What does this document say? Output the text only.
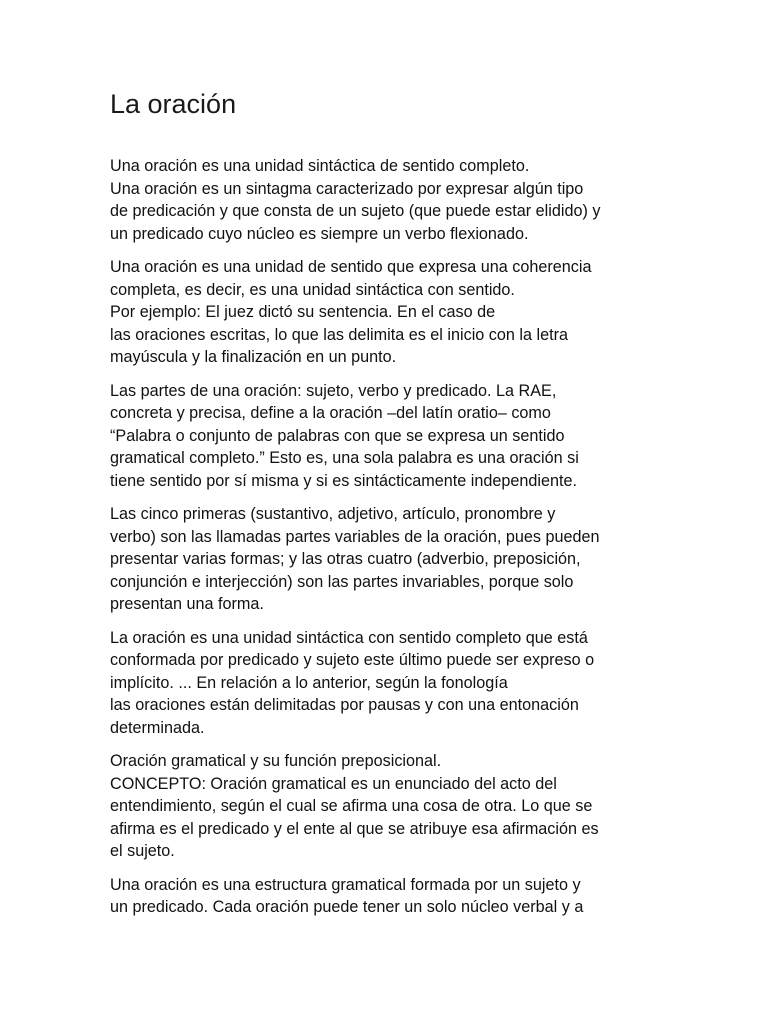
La oración

Una oración es una unidad sintáctica de sentido completo.
Una oración es un sintagma caracterizado por expresar algún tipo
de predicación y que consta de un sujeto (que puede estar elidido) y
un predicado cuyo núcleo es siempre un verbo flexionado.

Una oración es una unidad de sentido que expresa una coherencia
completa, es decir, es una unidad sintáctica con sentido.
Por ejemplo: El juez dictó su sentencia. En el caso de
las oraciones escritas, lo que las delimita es el inicio con la letra
mayúscula y la finalización en un punto.

Las partes de una oración: sujeto, verbo y predicado. La RAE,
concreta y precisa, define a la oración –del latín oratio– como
“Palabra o conjunto de palabras con que se expresa un sentido
gramatical completo.” Esto es, una sola palabra es una oración si
tiene sentido por sí misma y si es sintácticamente independiente.

Las cinco primeras (sustantivo, adjetivo, artículo, pronombre y
verbo) son las llamadas partes variables de la oración, pues pueden
presentar varias formas; y las otras cuatro (adverbio, preposición,
conjunción e interjección) son las partes invariables, porque solo
presentan una forma.

La oración es una unidad sintáctica con sentido completo que está
conformada por predicado y sujeto este último puede ser expreso o
implícito. ... En relación a lo anterior, según la fonología
las oraciones están delimitadas por pausas y con una entonación
determinada.

Oración gramatical y su función preposicional.
CONCEPTO: Oración gramatical es un enunciado del acto del
entendimiento, según el cual se afirma una cosa de otra. Lo que se
afirma es el predicado y el ente al que se atribuye esa afirmación es
el sujeto.

Una oración es una estructura gramatical formada por un sujeto y
un predicado. Cada oración puede tener un solo núcleo verbal y a
